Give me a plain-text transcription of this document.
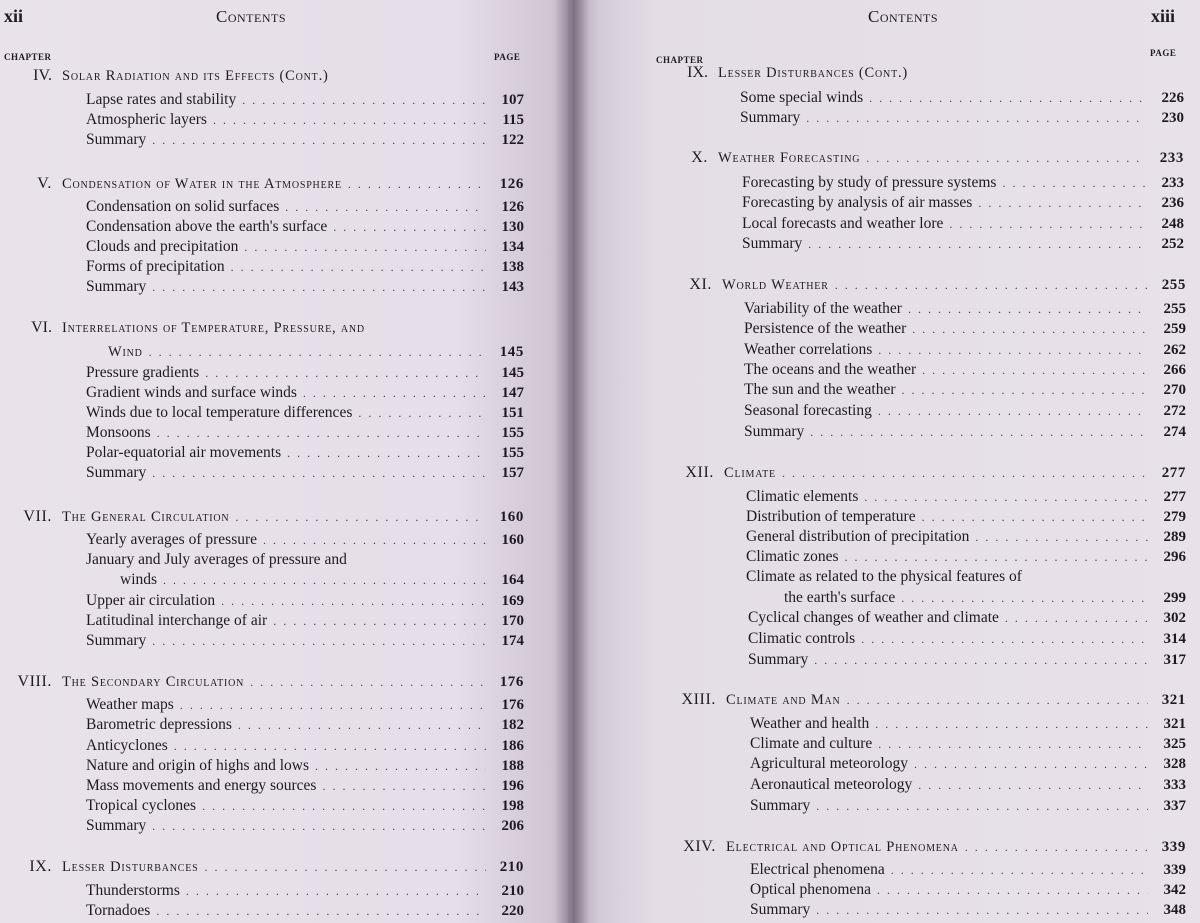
xii	Contents
CHAPTER	PAGE
IV. Solar Radiation and its Effects (Cont.)
Lapse rates and stability . . .	107
Atmospheric layers . . .	115
Summary . . .	122
V. Condensation of Water in the Atmosphere . . .	126
Condensation on solid surfaces . . .	126
Condensation above the earth's surface . . .	130
Clouds and precipitation . . .	134
Forms of precipitation . . .	138
Summary . . .	143
VI. Interrelations of Temperature, Pressure, and
Wind . . .	145
Pressure gradients . . .	145
Gradient winds and surface winds . . .	147
Winds due to local temperature differences . . .	151
Monsoons . . .	155
Polar-equatorial air movements . . .	155
Summary . . .	157
VII. The General Circulation . . .	160
Yearly averages of pressure . . .	160
January and July averages of pressure and
winds . . .	164
Upper air circulation . . .	169
Latitudinal interchange of air . . .	170
Summary . . .	174
VIII. The Secondary Circulation . . .	176
Weather maps . . .	176
Barometric depressions . . .	182
Anticyclones . . .	186
Nature and origin of highs and lows . . .	188
Mass movements and energy sources . . .	196
Tropical cyclones . . .	198
Summary . . .	206
IX. Lesser Disturbances . . .	210
Thunderstorms . . .	210
Tornadoes . . .	220
Contents	xiii
CHAPTER
PAGE
IX. Lesser Disturbances (Cont.)
Some special winds . . .	226
Summary . . .	230
X. Weather Forecasting . . .	233
Forecasting by study of pressure systems . . .	233
Forecasting by analysis of air masses . . .	236
Local forecasts and weather lore . . .	248
Summary . . .	252
XI. World Weather . . .	255
Variability of the weather . . .	255
Persistence of the weather . . .	259
Weather correlations . . .	262
The oceans and the weather . . .	266
The sun and the weather . . .	270
Seasonal forecasting . . .	272
Summary . . .	274
XII. Climate . . .	277
Climatic elements . . .	277
Distribution of temperature . . .	279
General distribution of precipitation . . .	289
Climatic zones . . .	296
Climate as related to the physical features of
the earth's surface . . .	299
Cyclical changes of weather and climate . . .	302
Climatic controls . . .	314
Summary . . .	317
XIII. Climate and Man . . .	321
Weather and health . . .	321
Climate and culture . . .	325
Agricultural meteorology . . .	328
Aeronautical meteorology . . .	333
Summary . . .	337
XIV. Electrical and Optical Phenomena . . .	339
Electrical phenomena . . .	339
Optical phenomena . . .	342
Summary . . .	348
